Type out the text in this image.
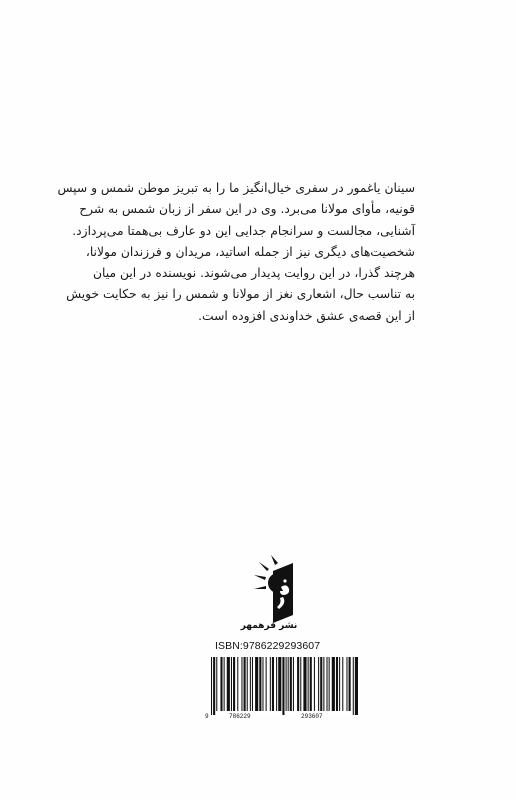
سینان یاغمور در سفری خیال‌انگیز ما را به تبریز موطن شمس و سپس

قونیه، مأوای مولانا می‌برد. وی در این سفر از زبان شمس به شرح

آشنایی، مجالست و سرانجام جدایی این دو عارف بی‌همتا می‌پردازد.

شخصیت‌های دیگری نیز از جمله اساتید، مریدان و فرزندان مولانا،

هرچند گذرا، در این روایت پدیدار می‌شوند. نویسنده در این میان

به تناسب حال، اشعاری نغز از مولانا و شمس را نیز به حکایت خویش

از این قصه‌ی عشق خداوندی افزوده است.

نشر فرهمهر
ISBN:9786229293607
9	786229	293607
